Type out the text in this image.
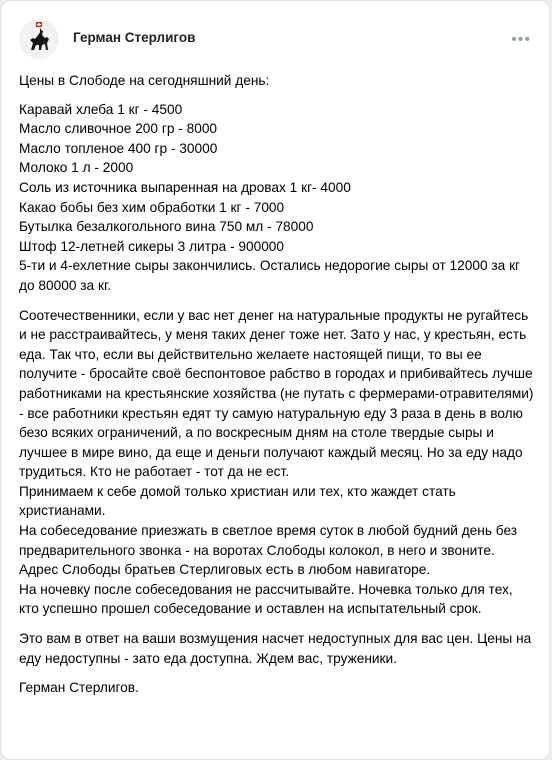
Герман Стерлигов	•••

Цены в Слободе на сегодняшний день:

Каравай хлеба 1 кг - 4500

Масло сливочное 200 гр - 8000

Масло топленое 400 гр - 30000

Молоко 1 л - 2000

Соль из источника выпаренная на дровах 1 кг- 4000

Какао бобы без хим обработки 1 кг - 7000

Бутылка безалкогольного вина 750 мл - 78000

Штоф 12-летней сикеры 3 литра - 900000

5-ти и 4-ехлетние сыры закончились. Остались недорогие сыры от 12000 за кг до 80000 за кг.

Соотечественники, если у вас нет денег на натуральные продукты не ругайтесь и не расстраивайтесь, у меня таких денег тоже нет. Зато у нас, у крестьян, есть еда. Так что, если вы действительно желаете настоящей пищи, то вы ее получите - бросайте своё беспонтовое рабство в городах и прибивайтесь лучше работниками на крестьянские хозяйства (не путать с фермерами-отравителями) - все работники крестьян едят ту самую натуральную еду 3 раза в день в волю безо всяких ограничений, а по воскресным дням на столе твердые сыры и лучшее в мире вино, да еще и деньги получают каждый месяц. Но за еду надо трудиться. Кто не работает - тот да не ест.

Принимаем к себе домой только христиан или тех, кто жаждет стать христианами.

На собеседование приезжать в светлое время суток в любой будний день без предварительного звонка - на воротах Слободы колокол, в него и звоните.

Адрес Слободы братьев Стерлиговых есть в любом навигаторе.

На ночевку после собеседования не рассчитывайте. Ночевка только для тех, кто успешно прошел собеседование и оставлен на испытательный срок.

Это вам в ответ на ваши возмущения насчет недоступных для вас цен. Цены на еду недоступны - зато еда доступна. Ждем вас, труженики.

Герман Стерлигов.
